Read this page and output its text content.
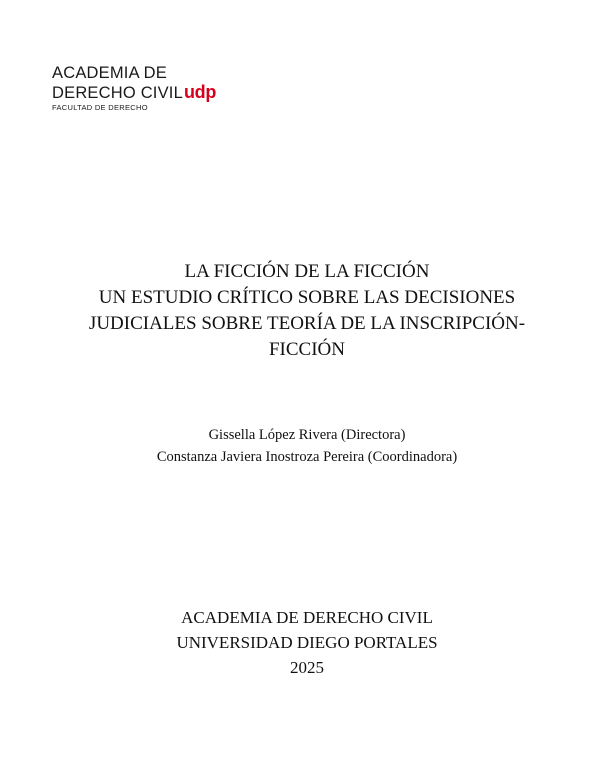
ACADEMIA DE
DERECHO CIVILudp
FACULTAD DE DERECHO
LA FICCIÓN DE LA FICCIÓN
UN ESTUDIO CRÍTICO SOBRE LAS DECISIONES
JUDICIALES SOBRE TEORÍA DE LA INSCRIPCIÓN-
FICCIÓN
Gissella López Rivera (Directora)
Constanza Javiera Inostroza Pereira (Coordinadora)
ACADEMIA DE DERECHO CIVIL
UNIVERSIDAD DIEGO PORTALES
2025
